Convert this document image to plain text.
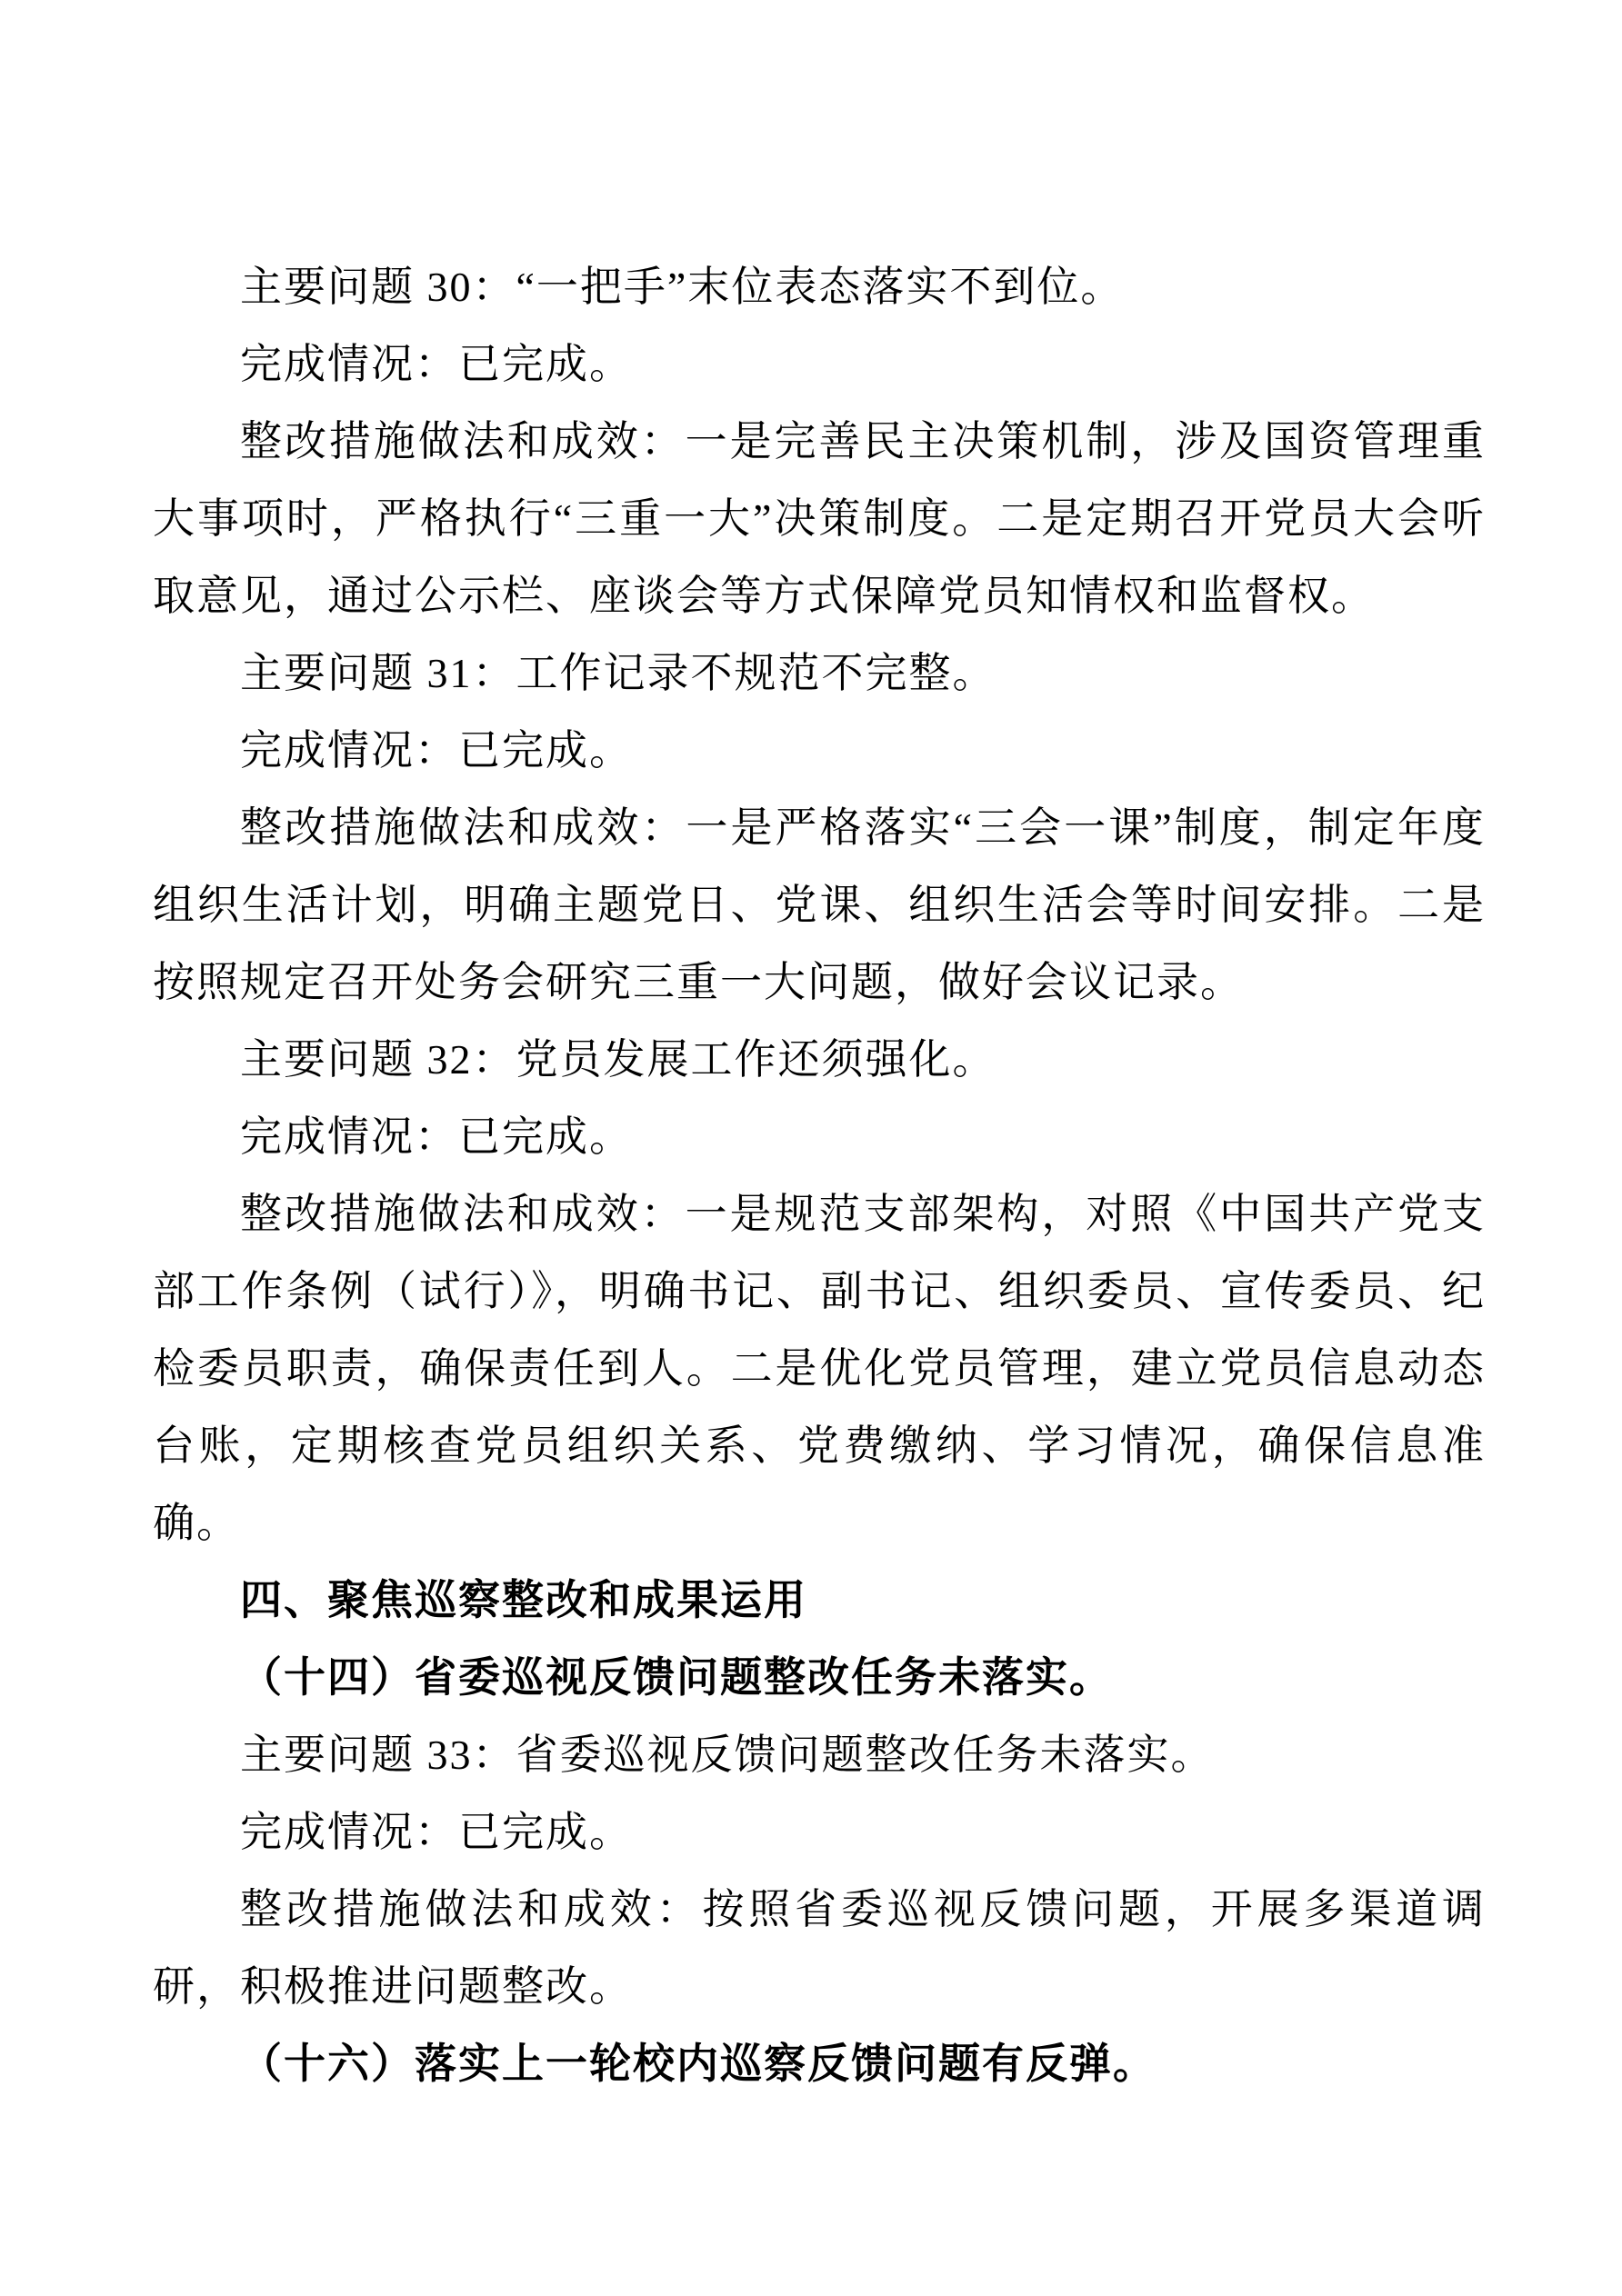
主要问题 30：“一把手”末位表态落实不到位。

完成情况：已完成。

整改措施做法和成效：一是完善民主决策机制，涉及国资管理重大事项时，严格执行“三重一大”决策制度。二是定期召开党员大会听取意见，通过公示栏、座谈会等方式保障党员知情权和监督权。

主要问题 31：工作记录不规范不完整。

完成情况：已完成。

整改措施做法和成效：一是严格落实“三会一课”制度，制定年度组织生活计划，明确主题党日、党课、组织生活会等时间安排。二是按照规定召开处务会研究三重一大问题，做好会议记录。

主要问题 32：党员发展工作还须强化。

完成情况：已完成。

整改措施做法和成效：一是规范支部架构，对照《中国共产党支部工作条例（试行）》，明确书记、副书记、组织委员、宣传委员、纪检委员职责，确保责任到人。二是优化党员管理，建立党员信息动态台账，定期核查党员组织关系、党费缴纳、学习情况，确保信息准确。

四、聚焦巡察整改和成果运用

（十四）省委巡视反馈问题整改任务未落实。

主要问题 33：省委巡视反馈问题整改任务未落实。

完成情况：已完成。

整改措施做法和成效：按照省委巡视反馈问题，开展多渠道调研，积极推进问题整改。

（十六）落实上一轮校内巡察反馈问题有反弹。
